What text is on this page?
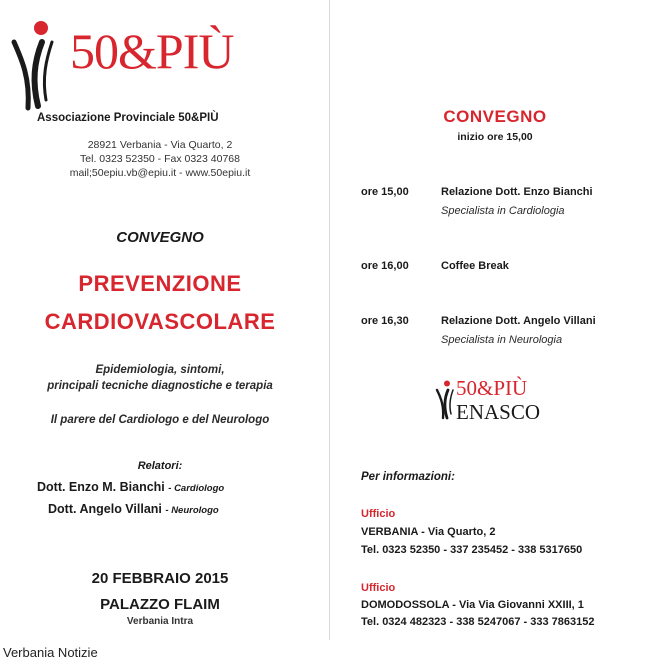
50&PIÙ
Associazione Provinciale 50&PIÙ
28921 Verbania - Via Quarto, 2
Tel. 0323 52350 - Fax 0323 40768
mail;50epiu.vb@epiu.it - www.50epiu.it
CONVEGNO
PREVENZIONE
CARDIOVASCOLARE
Epidemiologia, sintomi,
principali tecniche diagnostiche e terapia
Il parere del Cardiologo e del Neurologo
Relatori:
Dott. Enzo M. Bianchi - Cardiologo
Dott. Angelo Villani - Neurologo
20 FEBBRAIO 2015
PALAZZO FLAIM
Verbania Intra
Verbania Notizie
CONVEGNO
inizio ore 15,00
ore 15,00	Relazione Dott. Enzo Bianchi
Specialista in Cardiologia
ore 16,00	Coffee Break
ore 16,30	Relazione Dott. Angelo Villani
Specialista in Neurologia
50&PIÙ
ENASCO
Per informazioni:
Ufficio
VERBANIA - Via Quarto, 2
Tel. 0323 52350 - 337 235452 - 338 5317650
Ufficio
DOMODOSSOLA - Via Via Giovanni XXIII, 1
Tel. 0324 482323 - 338 5247067 - 333 7863152
